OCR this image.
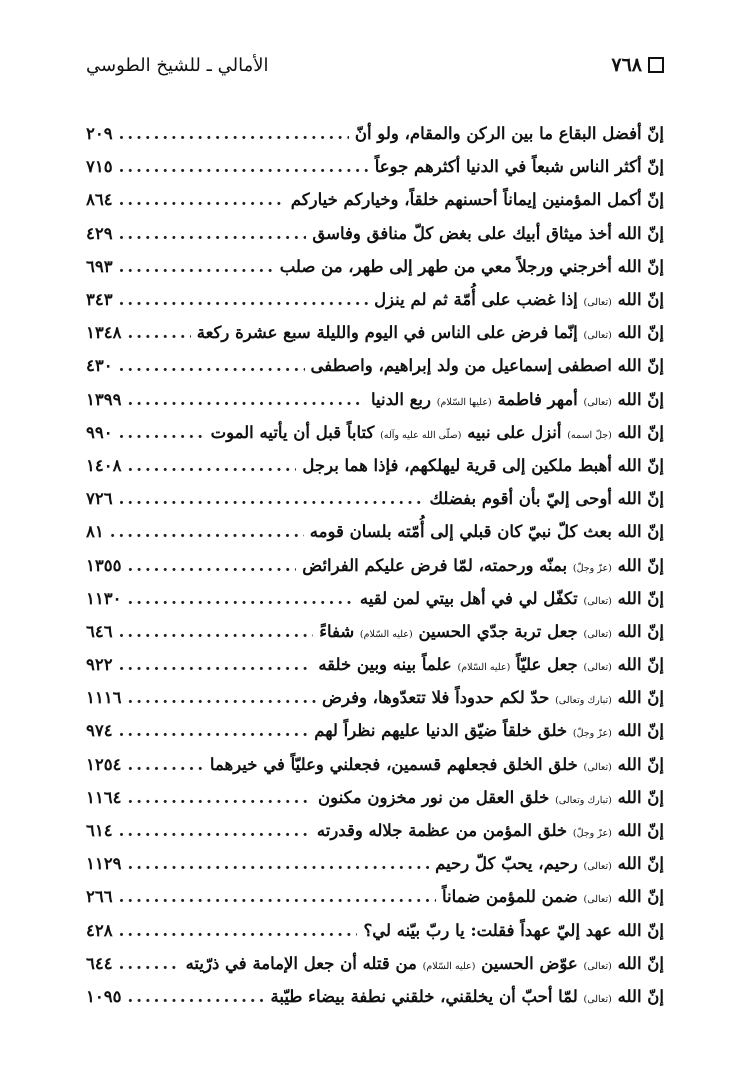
٧٦٨
الأمالي ـ للشيخ الطوسي
إنّ أفضل البقاع ما بين الركن والمقام، ولو أنّ
.....
٢٠٩
إنّ أكثر الناس شبعاً في الدنيا أكثرهم جوعاً
.....
٧١٥
إنّ أكمل المؤمنين إيماناً أحسنهم خلقاً، وخياركم خياركم
.....
٨٦٤
إنّ الله أخذ ميثاق أبيك على بغض كلّ منافق وفاسق
.....
٤٢٩
إنّ الله أخرجني ورجلاً معي من طهر إلى طهر، من صلب
.....
٦٩٣
إنّ الله (تعالى) إذا غضب على أُمّة ثم لم ينزل
.....
٣٤٣
إنّ الله (تعالى) إنّما فرض على الناس في اليوم والليلة سبع عشرة ركعة
.....
١٣٤٨
إنّ الله اصطفى إسماعيل من ولد إبراهيم، واصطفى
.....
٤٣٠
إنّ الله (تعالى) أمهر فاطمة (عليها السّلام) ربع الدنيا
.....
١٣٩٩
إنّ الله (جلّ اسمه) أنزل على نبيه (صلّى الله عليه وآله) كتاباً قبل أن يأتيه الموت
.....
٩٩٠
إنّ الله أهبط ملكين إلى قرية ليهلكهم، فإذا هما برجل
.....
١٤٠٨
إنّ الله أوحى إليّ بأن أقوم بفضلك
.....
٧٢٦
إنّ الله بعث كلّ نبيّ كان قبلي إلى أُمّته بلسان قومه
.....
٨١
إنّ الله (عزّ وجلّ) بمنّه ورحمته، لمّا فرض عليكم الفرائض
.....
١٣٥٥
إنّ الله (تعالى) تكفّل لي في أهل بيتي لمن لقيه
.....
١١٣٠
إنّ الله (تعالى) جعل تربة جدّي الحسين (عليه السّلام) شفاءً
.....
٦٤٦
إنّ الله (تعالى) جعل عليّاً (عليه السّلام) علماً بينه وبين خلقه
.....
٩٢٢
إنّ الله (تبارك وتعالى) حدّ لكم حدوداً فلا تتعدّوها، وفرض
.....
١١١٦
إنّ الله (عزّ وجلّ) خلق خلقاً ضيّق الدنيا عليهم نظراً لهم
.....
٩٧٤
إنّ الله (تعالى) خلق الخلق فجعلهم قسمين، فجعلني وعليّاً في خيرهما
.....
١٢٥٤
إنّ الله (تبارك وتعالى) خلق العقل من نور مخزون مكنون
.....
١١٦٤
إنّ الله (عزّ وجلّ) خلق المؤمن من عظمة جلاله وقدرته
.....
٦١٤
إنّ الله (تعالى) رحيم، يحبّ كلّ رحيم
.....
١١٢٩
إنّ الله (تعالى) ضمن للمؤمن ضماناً
.....
٢٦٦
إنّ الله عهد إليّ عهداً فقلت: يا ربّ بيّنه لي؟
.....
٤٢٨
إنّ الله (تعالى) عوّض الحسين (عليه السّلام) من قتله أن جعل الإمامة في ذرّيته
.....
٦٤٤
إنّ الله (تعالى) لمّا أحبّ أن يخلقني، خلقني نطفة بيضاء طيّبة
.....
١٠٩٥
